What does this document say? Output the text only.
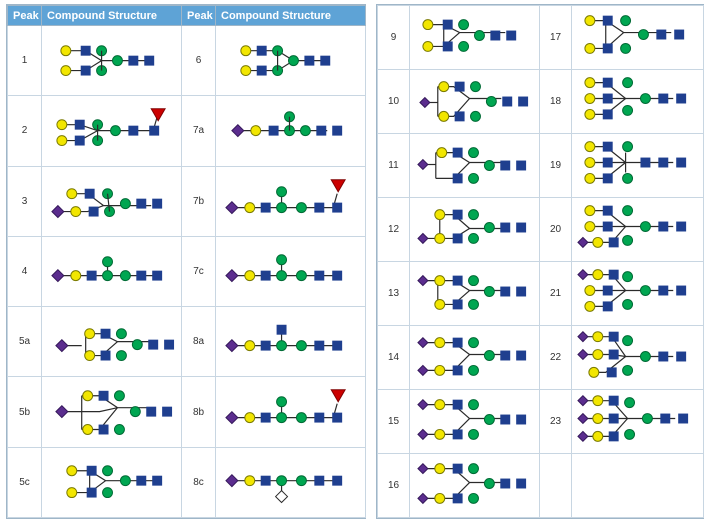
Peak	Compound Structure	Peak	Compound Structure
1		6	

2		7a	

3		7b	

4		7c	

5a		8a	

5b		8b	

5c		8c	
9		17	

10		18	

11		19	

12		20	

13		21	

14		22	

15		23	

16	
